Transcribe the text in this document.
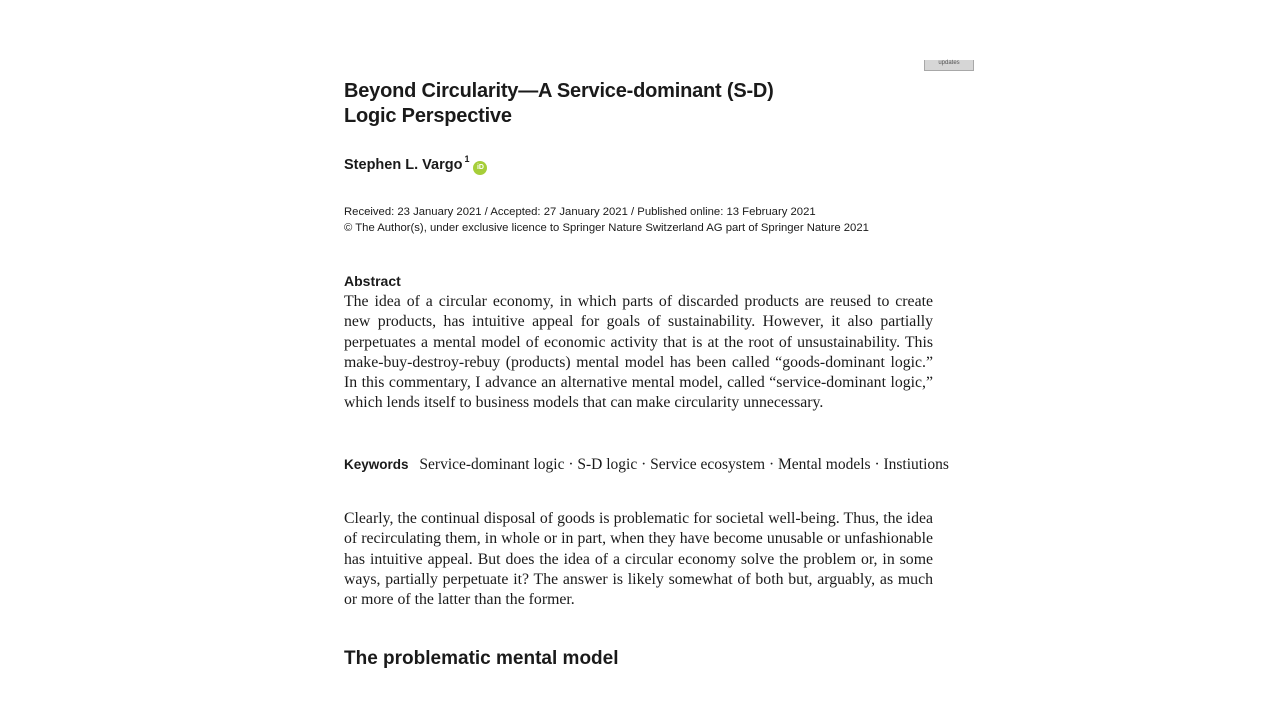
updates
Beyond Circularity—A Service-dominant (S-D) Logic Perspective
Stephen L. Vargo$^1$
iD
Received: 23 January 2021 / Accepted: 27 January 2021 / Published online: 13 February 2021
© The Author(s), under exclusive licence to Springer Nature Switzerland AG part of Springer Nature 2021
Abstract
The idea of a circular economy, in which parts of discarded products are reused to create new products, has intuitive appeal for goals of sustainability. However, it also partially perpetuates a mental model of economic activity that is at the root of unsustainability. This make-buy-destroy-rebuy (products) mental model has been called “goods-dominant logic.” In this commentary, I advance an alternative mental model, called “service-dominant logic,” which lends itself to business models that can make circularity unnecessary.
Keywords Service-dominant logic · S-D logic · Service ecosystem · Mental models · Instiutions
Clearly, the continual disposal of goods is problematic for societal well-being. Thus, the idea of recirculating them, in whole or in part, when they have become unusable or unfashionable has intuitive appeal. But does the idea of a circular economy solve the problem or, in some ways, partially perpetuate it? The answer is likely somewhat of both but, arguably, as much or more of the latter than the former.
The problematic mental model
